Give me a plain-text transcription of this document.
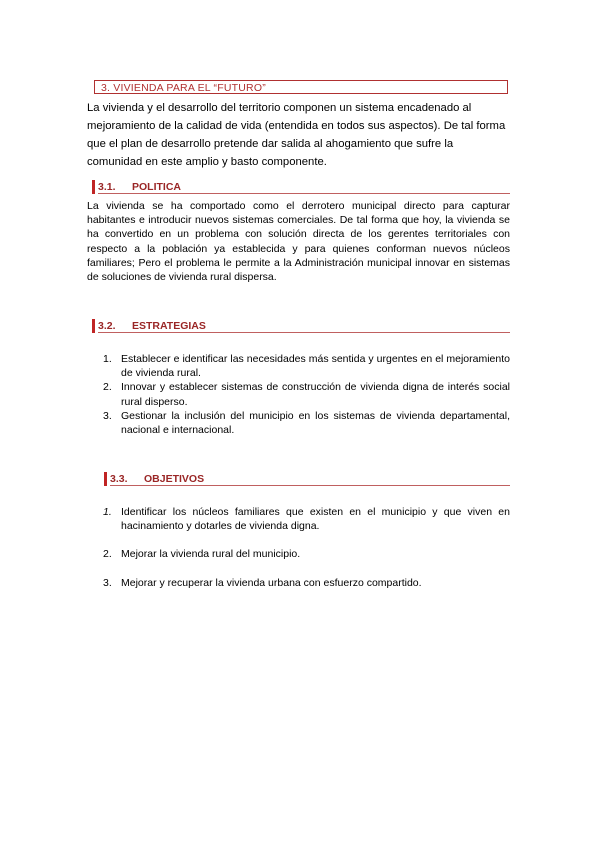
3. VIVIENDA PARA EL “FUTURO”
La vivienda y el desarrollo del territorio componen un sistema encadenado al mejoramiento de la calidad de vida (entendida en todos sus aspectos). De tal forma que el plan de desarrollo pretende dar salida al ahogamiento que sufre la comunidad en este amplio y basto componente.
3.1. POLITICA
La vivienda se ha comportado como el derrotero municipal directo para capturar habitantes e introducir nuevos sistemas comerciales. De tal forma que hoy, la vivienda se ha convertido en un problema con solución directa de los gerentes territoriales con respecto a la población ya establecida y para quienes conforman nuevos núcleos familiares; Pero el problema le permite a la Administración municipal innovar en sistemas de soluciones de vivienda rural dispersa.
3.2. ESTRATEGIAS
1. Establecer e identificar las necesidades más sentida y urgentes en el mejoramiento de vivienda rural.
2. Innovar y establecer sistemas de construcción de vivienda digna de interés social rural disperso.
3. Gestionar la inclusión del municipio en los sistemas de vivienda departamental, nacional e internacional.
3.3. OBJETIVOS
1. Identificar los núcleos familiares que existen en el municipio y que viven en hacinamiento y dotarles de vivienda digna.
2. Mejorar la vivienda rural del municipio.
3. Mejorar y recuperar la vivienda urbana con esfuerzo compartido.
